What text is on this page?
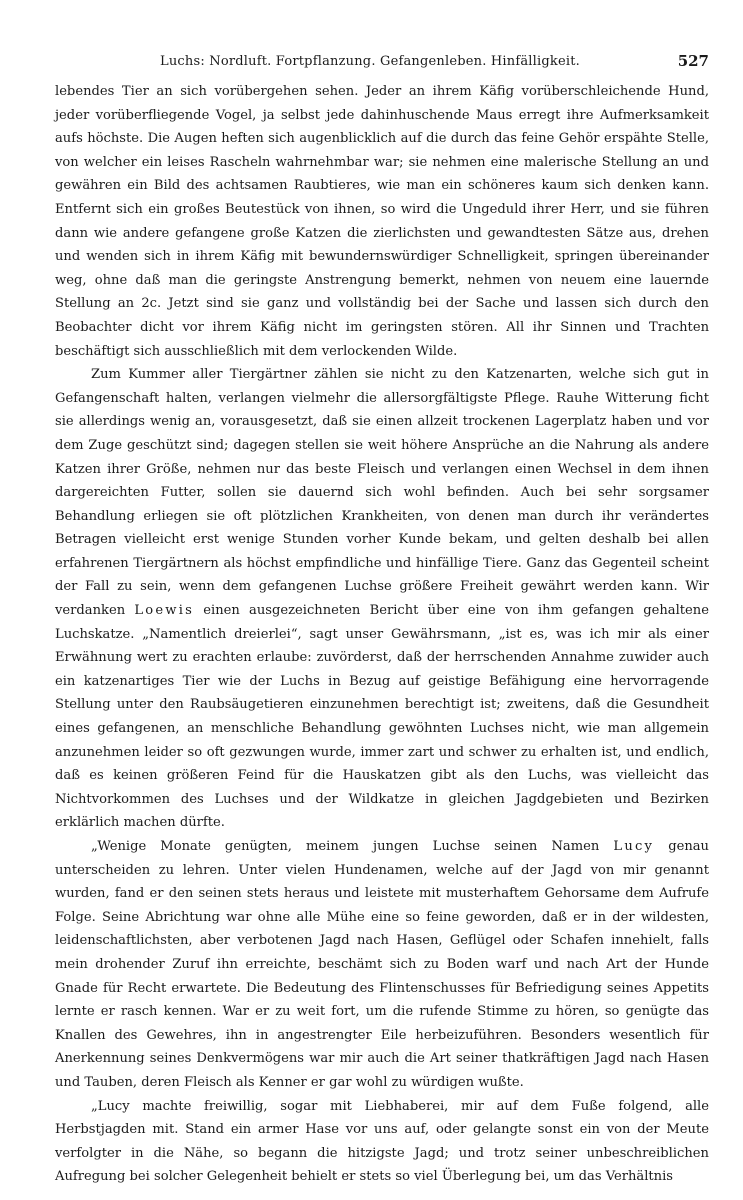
Luchs: Nordluft. Fortpflanzung. Gefangenleben. Hinfälligkeit.	527

lebendes Tier an sich vorübergehen sehen. Jeder an ihrem Käfig vorüberschleichende Hund, jeder vorüberfliegende Vogel, ja selbst jede dahinhuschende Maus erregt ihre Aufmerksamkeit aufs höchste. Die Augen heften sich augenblicklich auf die durch das feine Gehör erspähte Stelle, von welcher ein leises Rascheln wahrnehmbar war; sie nehmen eine malerische Stellung an und gewähren ein Bild des achtsamen Raubtieres, wie man ein schöneres kaum sich denken kann. Entfernt sich ein großes Beutestück von ihnen, so wird die Ungeduld ihrer Herr, und sie führen dann wie andere gefangene große Katzen die zierlichsten und gewandtesten Sätze aus, drehen und wenden sich in ihrem Käfig mit bewundernswürdiger Schnelligkeit, springen übereinander weg, ohne daß man die geringste Anstrengung bemerkt, nehmen von neuem eine lauernde Stellung an 2c. Jetzt sind sie ganz und vollständig bei der Sache und lassen sich durch den Beobachter dicht vor ihrem Käfig nicht im geringsten stören. All ihr Sinnen und Trachten beschäftigt sich ausschließlich mit dem verlockenden Wilde.

Zum Kummer aller Tiergärtner zählen sie nicht zu den Katzenarten, welche sich gut in Gefangenschaft halten, verlangen vielmehr die allersorgfältigste Pflege. Rauhe Witterung ficht sie allerdings wenig an, vorausgesetzt, daß sie einen allzeit trockenen Lagerplatz haben und vor dem Zuge geschützt sind; dagegen stellen sie weit höhere Ansprüche an die Nahrung als andere Katzen ihrer Größe, nehmen nur das beste Fleisch und verlangen einen Wechsel in dem ihnen dargereichten Futter, sollen sie dauernd sich wohl befinden. Auch bei sehr sorgsamer Behandlung erliegen sie oft plötzlichen Krankheiten, von denen man durch ihr verändertes Betragen vielleicht erst wenige Stunden vorher Kunde bekam, und gelten deshalb bei allen erfahrenen Tiergärtnern als höchst empfindliche und hinfällige Tiere. Ganz das Gegenteil scheint der Fall zu sein, wenn dem gefangenen Luchse größere Freiheit gewährt werden kann. Wir verdanken Loewis einen ausgezeichneten Bericht über eine von ihm gefangen gehaltene Luchskatze. „Namentlich dreierlei“, sagt unser Gewährsmann, „ist es, was ich mir als einer Erwähnung wert zu erachten erlaube: zuvörderst, daß der herrschenden Annahme zuwider auch ein katzenartiges Tier wie der Luchs in Bezug auf geistige Befähigung eine hervorragende Stellung unter den Raubsäugetieren einzunehmen berechtigt ist; zweitens, daß die Gesundheit eines gefangenen, an menschliche Behandlung gewöhnten Luchses nicht, wie man allgemein anzunehmen leider so oft gezwungen wurde, immer zart und schwer zu erhalten ist, und endlich, daß es keinen größeren Feind für die Hauskatzen gibt als den Luchs, was vielleicht das Nichtvorkommen des Luchses und der Wildkatze in gleichen Jagdgebieten und Bezirken erklärlich machen dürfte.

„Wenige Monate genügten, meinem jungen Luchse seinen Namen Lucy genau unterscheiden zu lehren. Unter vielen Hundenamen, welche auf der Jagd von mir genannt wurden, fand er den seinen stets heraus und leistete mit musterhaftem Gehorsame dem Aufrufe Folge. Seine Abrichtung war ohne alle Mühe eine so feine geworden, daß er in der wildesten, leidenschaftlichsten, aber verbotenen Jagd nach Hasen, Geflügel oder Schafen innehielt, falls mein drohender Zuruf ihn erreichte, beschämt sich zu Boden warf und nach Art der Hunde Gnade für Recht erwartete. Die Bedeutung des Flintenschusses für Befriedigung seines Appetits lernte er rasch kennen. War er zu weit fort, um die rufende Stimme zu hören, so genügte das Knallen des Gewehres, ihn in angestrengter Eile herbeizuführen. Besonders wesentlich für Anerkennung seines Denkvermögens war mir auch die Art seiner thatkräftigen Jagd nach Hasen und Tauben, deren Fleisch als Kenner er gar wohl zu würdigen wußte.

„Lucy machte freiwillig, sogar mit Liebhaberei, mir auf dem Fuße folgend, alle Herbstjagden mit. Stand ein armer Hase vor uns auf, oder gelangte sonst ein von der Meute verfolgter in die Nähe, so begann die hitzigste Jagd; und trotz seiner unbeschreiblichen Aufregung bei solcher Gelegenheit behielt er stets so viel Überlegung bei, um das Verhältnis
